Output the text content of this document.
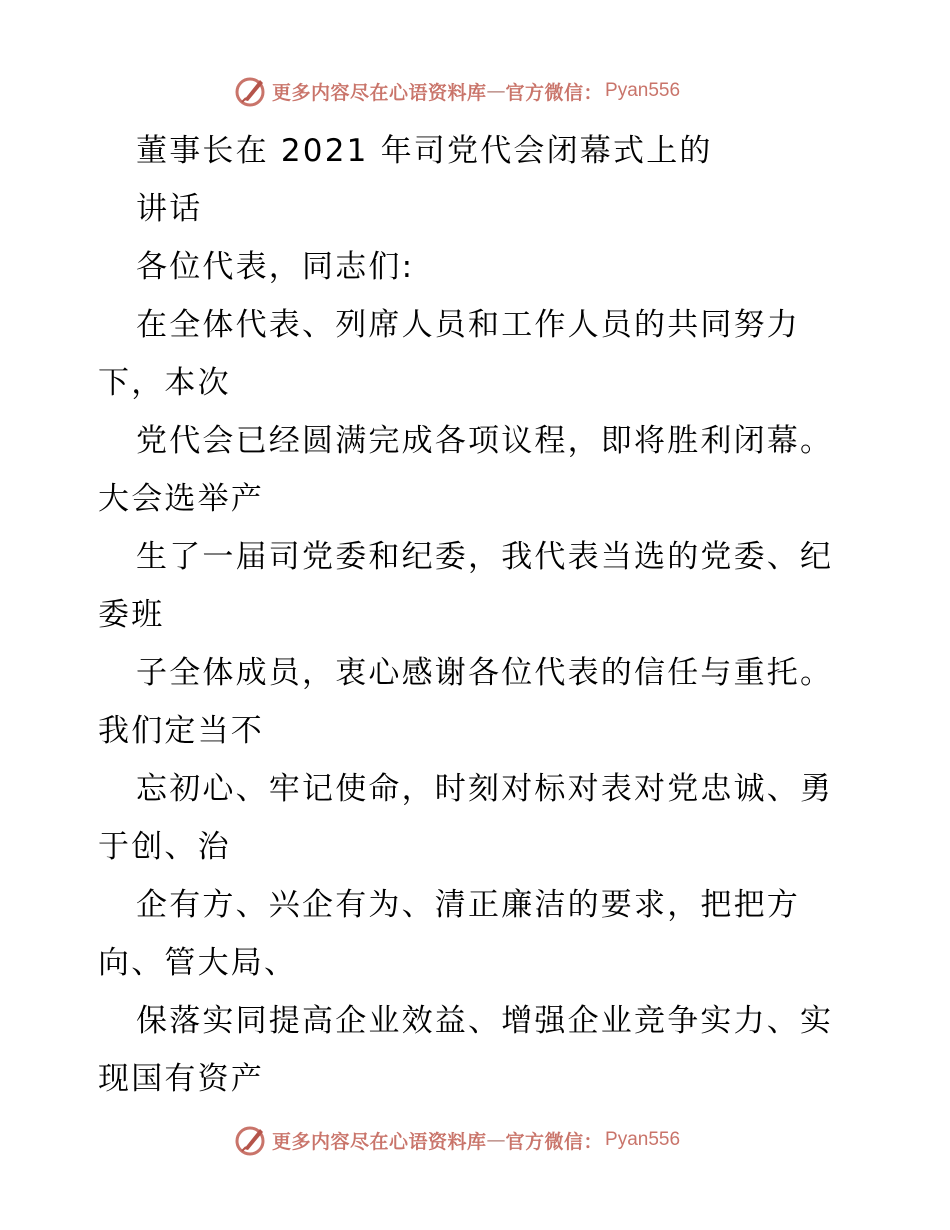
更多内容尽在心语资料库 — 官方微信： Pyan556
董事长在 2021 年司党代会闭幕式上的
讲话
各位代表，同志们:
在全体代表、列席人员和工作人员的共同努力
下，本次
党代会已经圆满完成各项议程，即将胜利闭幕。
大会选举产
生了一届司党委和纪委，我代表当选的党委、纪
委班
子全体成员，衷心感谢各位代表的信任与重托。
我们定当不
忘初心、牢记使命，时刻对标对表对党忠诚、勇
于创、治
企有方、兴企有为、清正廉洁的要求，把把方
向、管大局、
保落实同提高企业效益、增强企业竞争实力、实
现国有资产
更多内容尽在心语资料库 — 官方微信： Pyan556
